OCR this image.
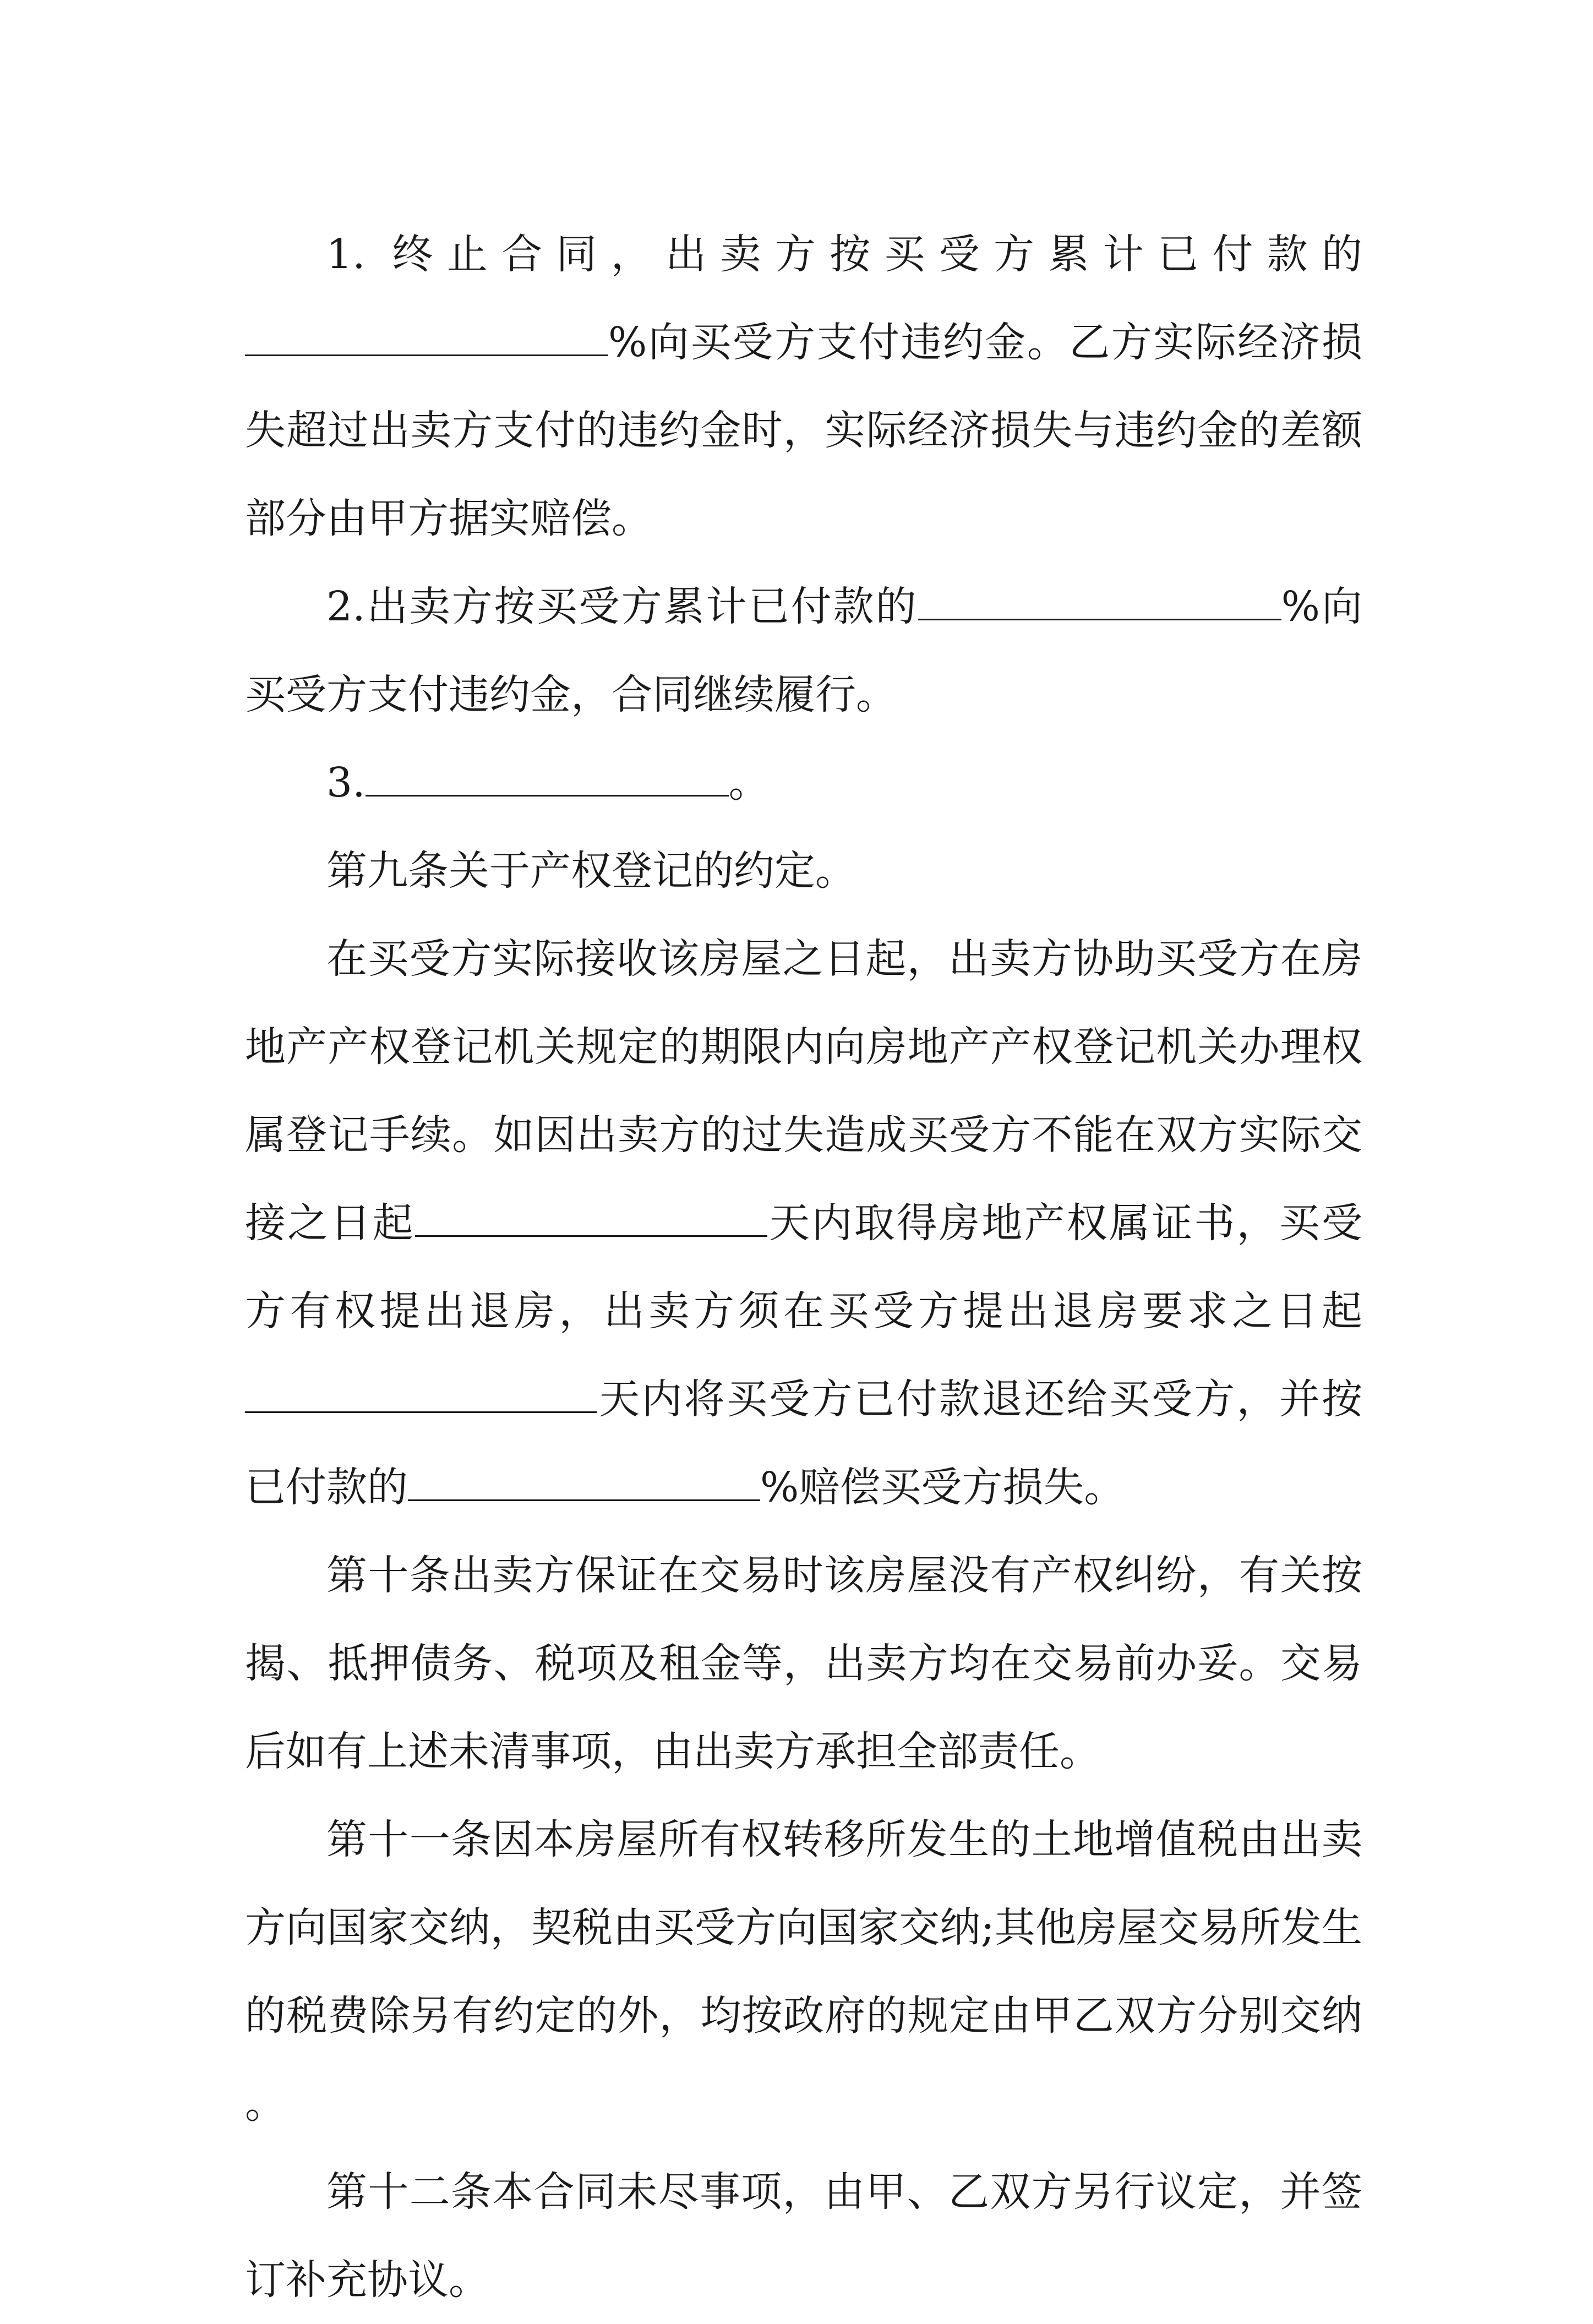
1. 终止合同，出卖方按买受方累计已付款的%向买受方支付违约金。乙方实际经济损失超过出卖方支付的违约金时，实际经济损失与违约金的差额部分由甲方据实赔偿。

2.出卖方按买受方累计已付款的	%向买受方支付违约金，合同继续履行。

3.	。

第九条关于产权登记的约定。

在买受方实际接收该房屋之日起，出卖方协助买受方在房地产产权登记机关规定的期限内向房地产产权登记机关办理权属登记手续。如因出卖方的过失造成买受方不能在双方实际交接之日起	天内取得房地产权属证书，买受方有权提出退房，出卖方须在买受方提出退房要求之日起天内将买受方已付款退还给买受方，并按已付款的	%赔偿买受方损失。

第十条出卖方保证在交易时该房屋没有产权纠纷，有关按揭、抵押债务、税项及租金等，出卖方均在交易前办妥。交易后如有上述未清事项，由出卖方承担全部责任。

第十一条因本房屋所有权转移所发生的土地增值税由出卖方向国家交纳，契税由买受方向国家交纳;其他房屋交易所发生的税费除另有约定的外，均按政府的规定由甲乙双方分别交纳。

第十二条本合同未尽事项，由甲、乙双方另行议定，并签订补充协议。
